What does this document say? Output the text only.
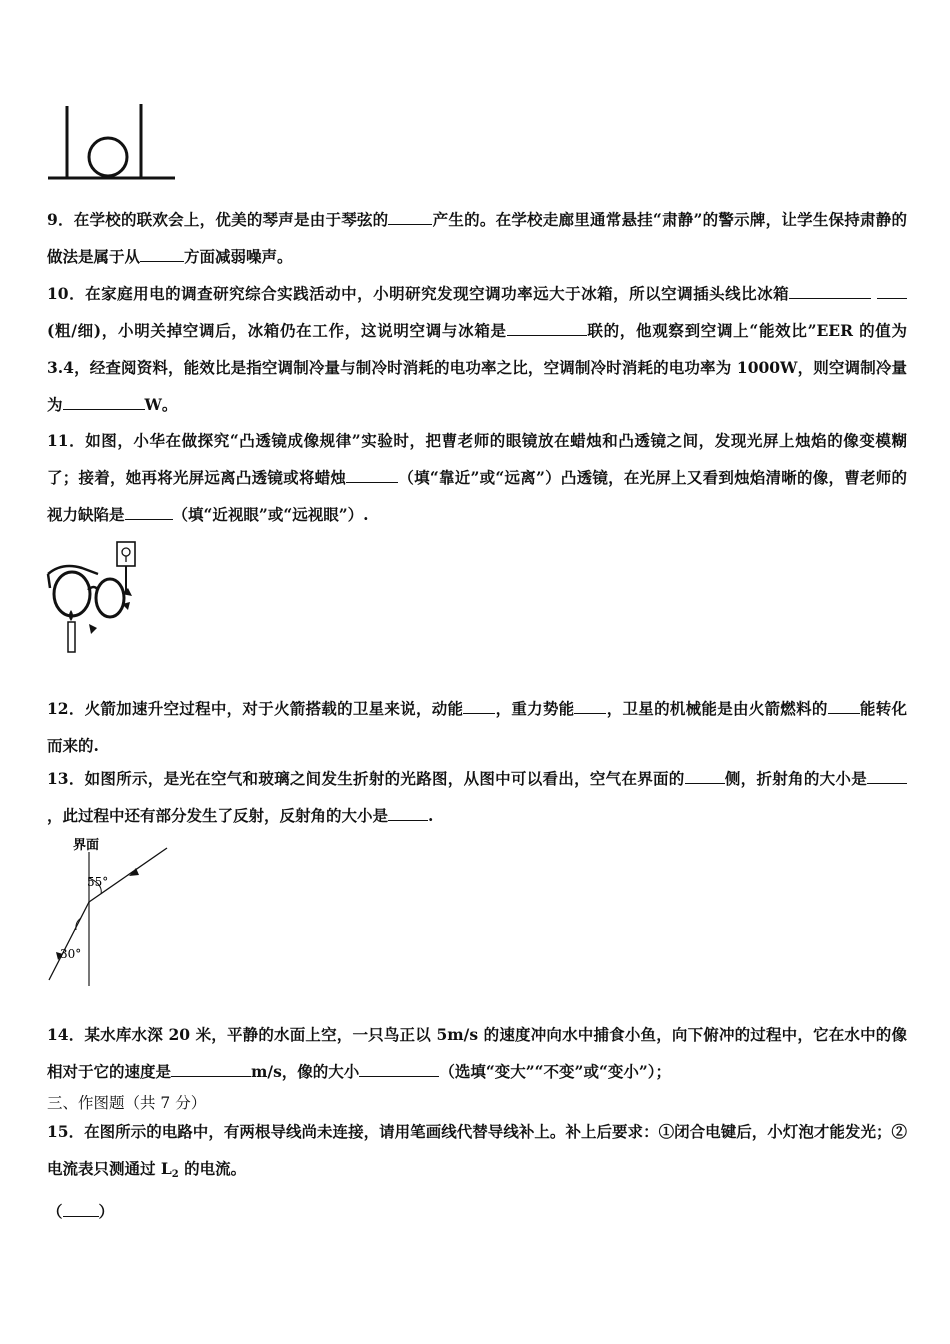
9．在学校的联欢会上，优美的琴声是由于琴弦的	产生的。在学校走廊里通常悬挂“肃静”的警示牌，让学生保持肃静的做法是属于从	方面减弱噪声。

10．在家庭用电的调查研究综合实践活动中，小明研究发现空调功率远大于冰箱，所以空调插头线比冰箱  (粗/细)，小明关掉空调后，冰箱仍在工作，这说明空调与冰箱是	联的，他观察到空调上“能效比”EER 的值为 3.4，经查阅资料，能效比是指空调制冷量与制冷时消耗的电功率之比，空调制冷时消耗的电功率为 1000W，则空调制冷量为	W。

11．如图，小华在做探究“凸透镜成像规律”实验时，把曹老师的眼镜放在蜡烛和凸透镜之间，发现光屏上烛焰的像变模糊了；接着，她再将光屏远离凸透镜或将蜡烛	（填“靠近”或“远离”）凸透镜，在光屏上又看到烛焰清晰的像，曹老师的视力缺陷是	（填“近视眼”或“远视眼”）.

12．火箭加速升空过程中，对于火箭搭载的卫星来说，动能 ，重力势能 ，卫星的机械能是由火箭燃料的 能转化而来的.

13．如图所示，是光在空气和玻璃之间发生折射的光路图，从图中可以看出，空气在界面的	侧，折射角的大小是，此过程中还有部分发生了反射，反射角的大小是	.

界面
55°
30°

14．某水库水深 20 米，平静的水面上空，一只鸟正以 5m/s 的速度冲向水中捕食小鱼，向下俯冲的过程中，它在水中的像相对于它的速度是	m/s，像的大小	（选填“变大”“不变”或“变小”）；

三、作图题（共 7 分）

15．在图所示的电路中，有两根导线尚未连接，请用笔画线代替导线补上。补上后要求：①闭合电键后，小灯泡才能发光；②电流表只测通过 $L_2$ 的电流。

（ ）
